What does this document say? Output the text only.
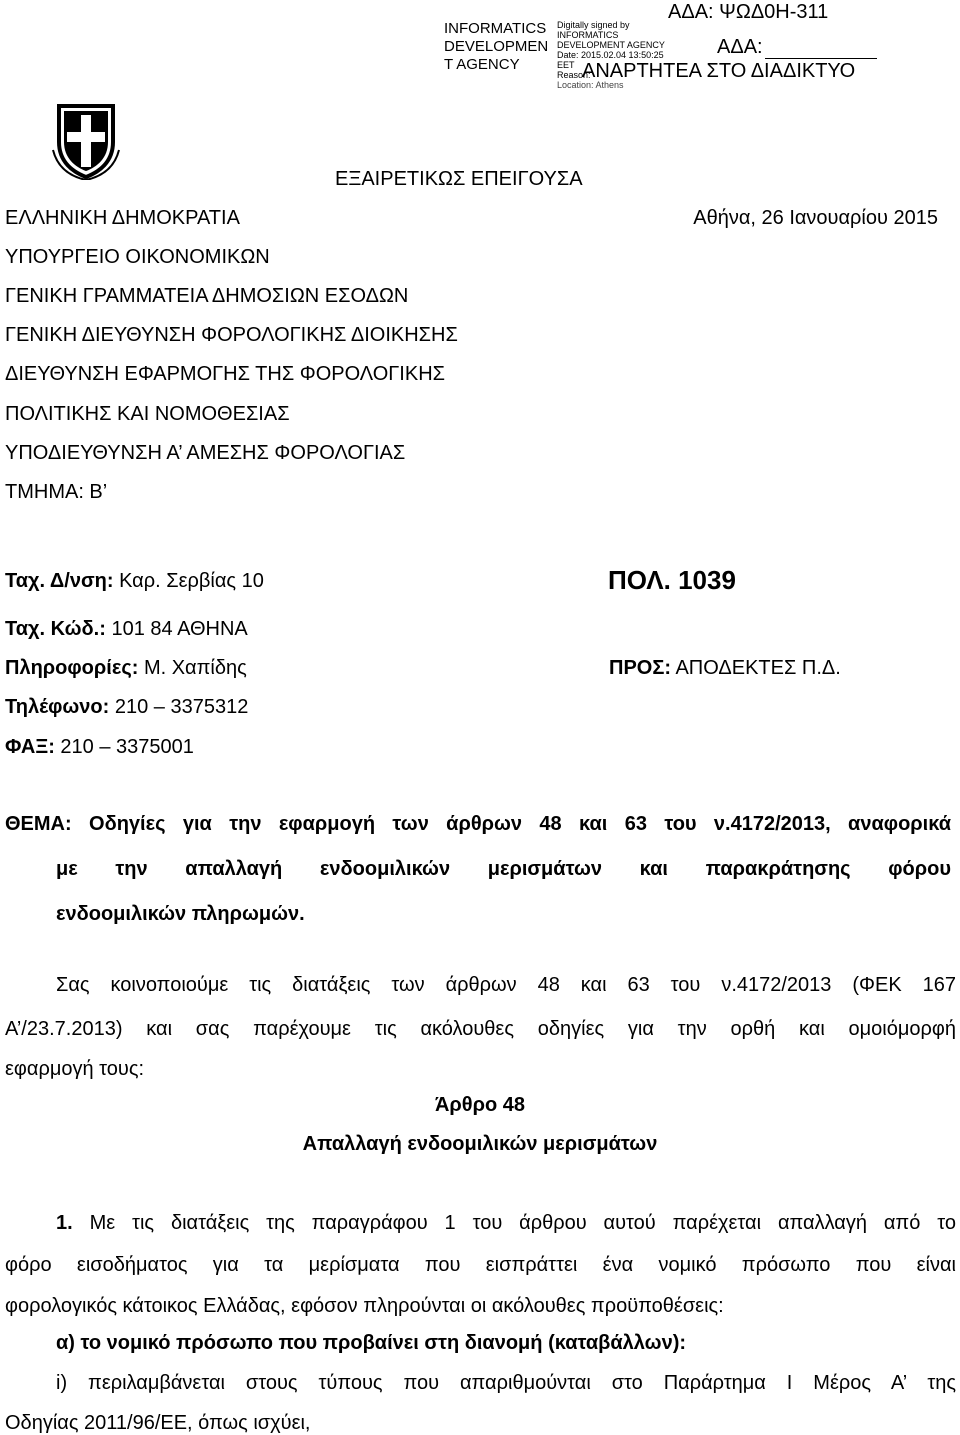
INFORMATICS
DEVELOPMEN
T AGENCY
Digitally signed by
INFORMATICS
DEVELOPMENT AGENCY
Date: 2015.02.04 13:50:25
EET
Reason:
Location: Athens
ΑΔΑ: ΨΩΔ0Η-311
ΑΔΑ:
ΑΝΑΡΤΗΤΕΑ ΣΤΟ ΔΙΑΔΙΚΤΥΟ
ΕΞΑΙΡΕΤΙΚΩΣ ΕΠΕΙΓΟΥΣΑ
Αθήνα, 26 Ιανουαρίου 2015
ΕΛΛΗΝΙΚΗ ΔΗΜΟΚΡΑΤΙΑ
ΥΠΟΥΡΓΕΙΟ ΟΙΚΟΝΟΜΙΚΩΝ
ΓΕΝΙΚΗ ΓΡΑΜΜΑΤΕΙΑ ΔΗΜΟΣΙΩΝ ΕΣΟΔΩΝ
ΓΕΝΙΚΗ ΔΙΕΥΘΥΝΣΗ ΦΟΡΟΛΟΓΙΚΗΣ ΔΙΟΙΚΗΣΗΣ
ΔΙΕΥΘΥΝΣΗ ΕΦΑΡΜΟΓΗΣ ΤΗΣ ΦΟΡΟΛΟΓΙΚΗΣ
ΠΟΛΙΤΙΚΗΣ ΚΑΙ ΝΟΜΟΘΕΣΙΑΣ
ΥΠΟΔΙΕΥΘΥΝΣΗ Α’ ΑΜΕΣΗΣ ΦΟΡΟΛΟΓΙΑΣ
ΤΜΗΜΑ: Β’
Ταχ. Δ/νση: Καρ. Σερβίας 10
Ταχ. Κώδ.: 101 84 ΑΘΗΝΑ
Πληροφορίες: Μ. Χαπίδης
Τηλέφωνο: 210 – 3375312
ΦΑΞ: 210 – 3375001
ΠΟΛ. 1039
ΠΡΟΣ: ΑΠΟΔΕΚΤΕΣ Π.Δ.
ΘΕΜΑ: Οδηγίες για την εφαρμογή των άρθρων 48 και 63 του ν.4172/2013, αναφορικά
με την απαλλαγή ενδοομιλικών μερισμάτων και παρακράτησης φόρου
ενδοομιλικών πληρωμών.
Σας κοινοποιούμε τις διατάξεις των άρθρων 48 και 63 του ν.4172/2013 (ΦΕΚ 167
Α’/23.7.2013) και σας παρέχουμε τις ακόλουθες οδηγίες για την ορθή και ομοιόμορφή
εφαρμογή τους:
Άρθρο 48
Απαλλαγή ενδοομιλικών μερισμάτων
1. Με τις διατάξεις της παραγράφου 1 του άρθρου αυτού παρέχεται απαλλαγή από το
φόρο εισοδήματος για τα μερίσματα που εισπράττει ένα νομικό πρόσωπο που είναι
φορολογικός κάτοικος Ελλάδας, εφόσον πληρούνται οι ακόλουθες προϋποθέσεις:
α) το νομικό πρόσωπο που προβαίνει στη διανομή (καταβάλλων):
i) περιλαμβάνεται στους τύπους που απαριθμούνται στο Παράρτημα Ι Μέρος Α’ της
Οδηγίας 2011/96/ΕΕ, όπως ισχύει,
